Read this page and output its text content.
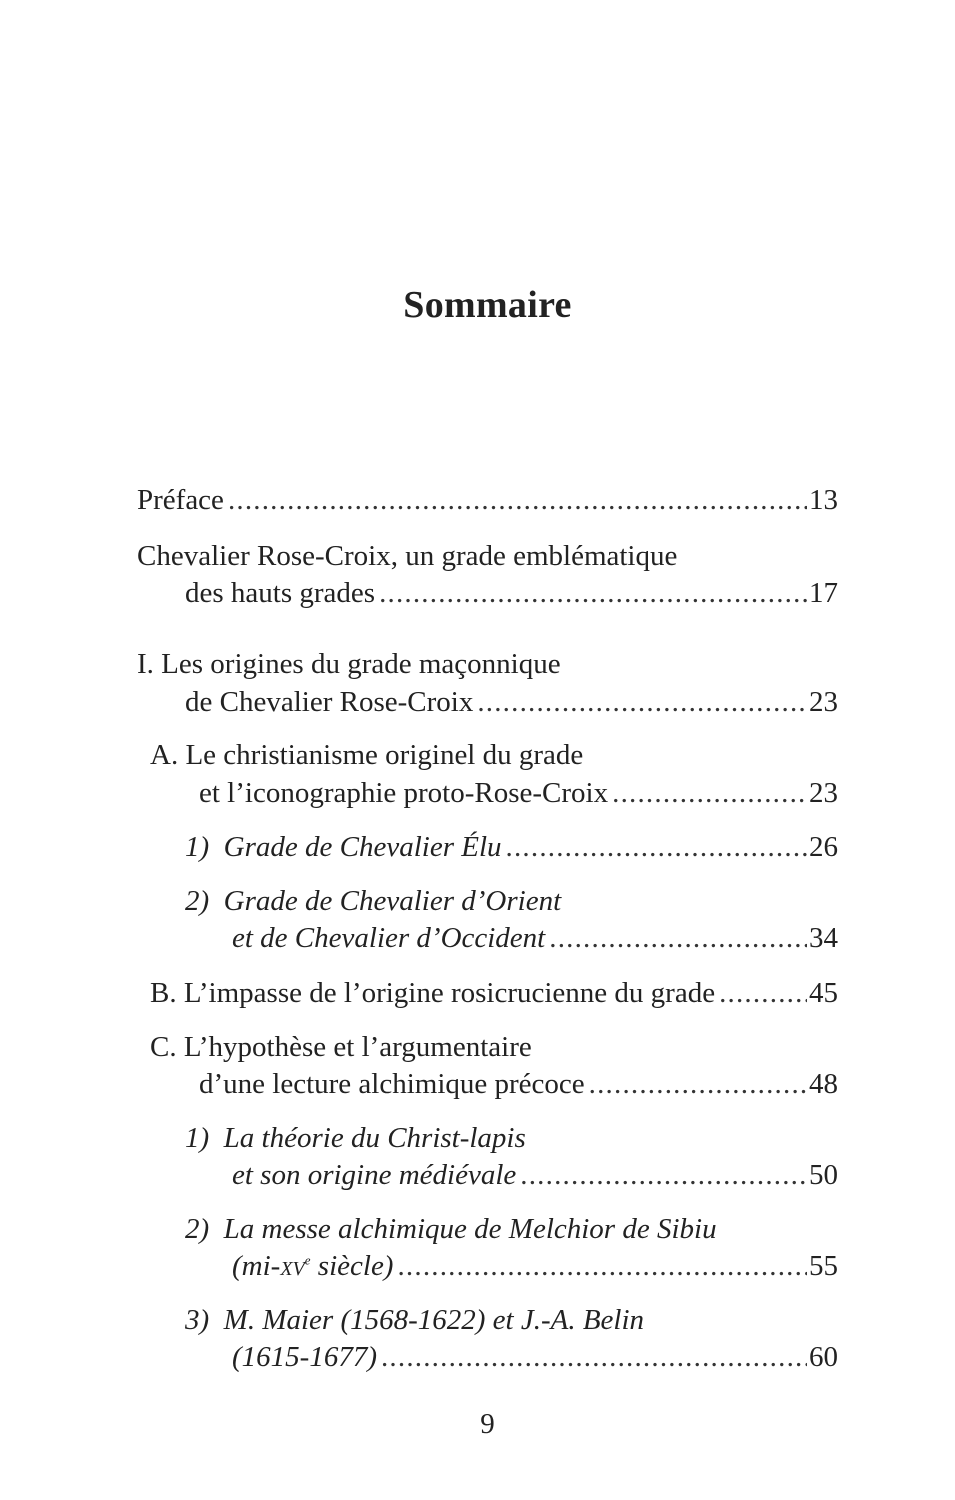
Sommaire
Préface .....	13
Chevalier Rose-Croix, un grade emblématique
des hauts grades .....	17
I. Les origines du grade maçonnique
de Chevalier Rose-Croix .....	23
A. Le christianisme originel du grade
et l’iconographie proto-Rose-Croix .....	23
1) Grade de Chevalier Élu .....	26
2) Grade de Chevalier d’Orient
et de Chevalier d’Occident .....	34
B. L’impasse de l’origine rosicrucienne du grade .....	45
C. L’hypothèse et l’argumentaire
d’une lecture alchimique précoce .....	48
1) La théorie du Christ-lapis
et son origine médiévale .....	50
2) La messe alchimique de Melchior de Sibiu
(mi-XVe siècle) .....	55
3) M. Maier (1568-1622) et J.-A. Belin
(1615-1677) .....	60
9
